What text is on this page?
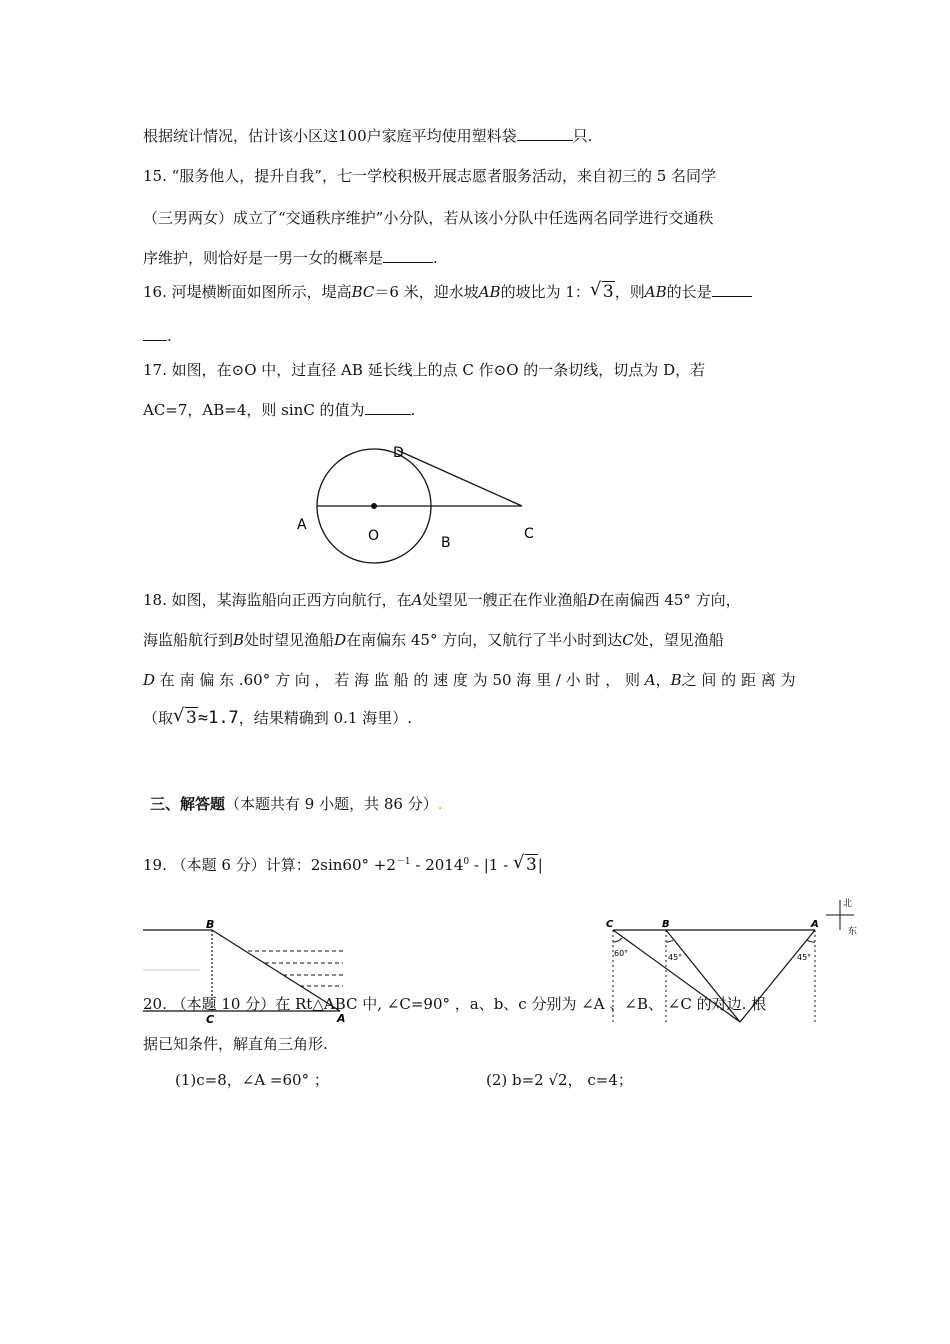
根据统计情况，估计该小区这100户家庭平均使用塑料袋	只.
15. “服务他人，提升自我”，七一学校积极开展志愿者服务活动，来自初三的 5 名同学
（三男两女）成立了“交通秩序维护”小分队，若从该小分队中任选两名同学进行交通秩
序维护，则恰好是一男一女的概率是	.
16. 河堤横断面如图所示，堤高BC＝6 米，迎水坡AB的坡比为 1： √ 3，则AB的长是
.
17. 如图，在⊙O 中，过直径 AB 延长线上的点 C 作⊙O 的一条切线，切点为 D，若
AC=7，AB=4，则 sinC 的值为	.
D
A
O	B
C
18. 如图，某海监船向正西方向航行，在A处望见一艘正在作业渔船D在南偏西 45° 方向，
海监船航行到B处时望见渔船D在南偏东 45° 方向，又航行了半小时到达C处，望见渔船
D 在 南 偏 东 .60° 方 向 ， 若 海 监 船 的 速 度 为 50 海 里 / 小 时 ， 则 A，B之 间 的 距 离 为
（取 √ 3≈1.7，结果精确到 0.1 海里）.
三、解答题（本题共有 9 小题，共 86 分）.
19. （本题 6 分）计算：$2\sin 60^\circ +2^{-1} - 2014^0 - |1$ - √ 3|
B
C	A
C	B	A
60°	45°	45°
北
东
20. （本题 10 分）在 Rt△ABC 中, ∠C=90° ，a、b、c 分别为 ∠A 、∠B、 ∠C 的对边. 根
据已知条件，解直角三角形.
(1)c=8，∠A =60° ；	(2) b=2 √2， c=4；
